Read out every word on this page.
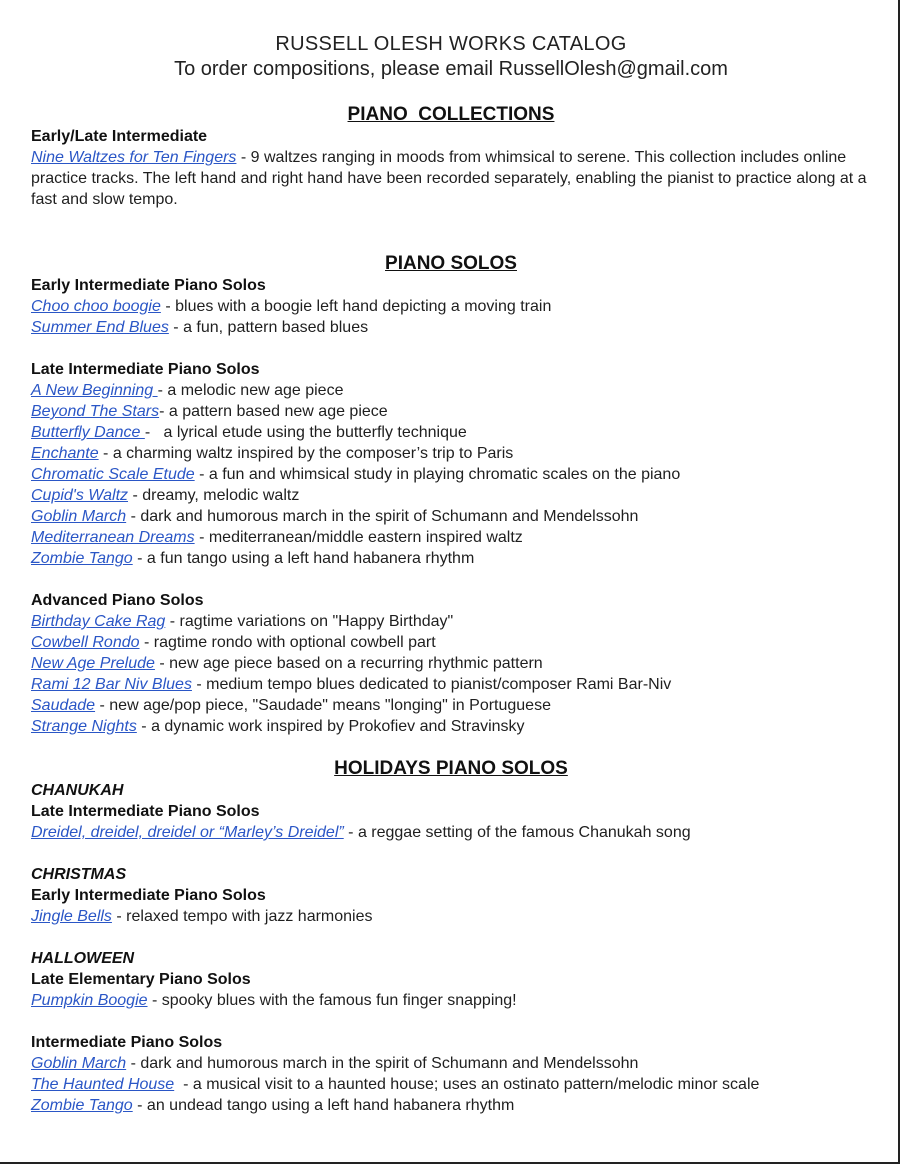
RUSSELL OLESH WORKS CATALOG
To order compositions, please email RussellOlesh@gmail.com
PIANO  COLLECTIONS
Early/Late Intermediate
Nine Waltzes for Ten Fingers - 9 waltzes ranging in moods from whimsical to serene. This collection includes online practice tracks. The left hand and right hand have been recorded separately, enabling the pianist to practice along at a fast and slow tempo.
PIANO SOLOS
Early Intermediate Piano Solos
Choo choo boogie - blues with a boogie left hand depicting a moving train
Summer End Blues - a fun, pattern based blues
Late Intermediate Piano Solos
A New Beginning - a melodic new age piece
Beyond The Stars- a pattern based new age piece
Butterfly Dance -   a lyrical etude using the butterfly technique
Enchante - a charming waltz inspired by the composer’s trip to Paris
Chromatic Scale Etude - a fun and whimsical study in playing chromatic scales on the piano
Cupid's Waltz - dreamy, melodic waltz
Goblin March - dark and humorous march in the spirit of Schumann and Mendelssohn
Mediterranean Dreams - mediterranean/middle eastern inspired waltz
Zombie Tango - a fun tango using a left hand habanera rhythm
Advanced Piano Solos
Birthday Cake Rag - ragtime variations on "Happy Birthday"
Cowbell Rondo - ragtime rondo with optional cowbell part
New Age Prelude - new age piece based on a recurring rhythmic pattern
Rami 12 Bar Niv Blues - medium tempo blues dedicated to pianist/composer Rami Bar-Niv
Saudade - new age/pop piece, "Saudade" means "longing" in Portuguese
Strange Nights - a dynamic work inspired by Prokofiev and Stravinsky
HOLIDAYS PIANO SOLOS
CHANUKAH
Late Intermediate Piano Solos
Dreidel, dreidel, dreidel or “Marley’s Dreidel” - a reggae setting of the famous Chanukah song
CHRISTMAS
Early Intermediate Piano Solos
Jingle Bells - relaxed tempo with jazz harmonies
HALLOWEEN
Late Elementary Piano Solos
Pumpkin Boogie - spooky blues with the famous fun finger snapping!
Intermediate Piano Solos
Goblin March - dark and humorous march in the spirit of Schumann and Mendelssohn
The Haunted House  - a musical visit to a haunted house; uses an ostinato pattern/melodic minor scale
Zombie Tango - an undead tango using a left hand habanera rhythm
